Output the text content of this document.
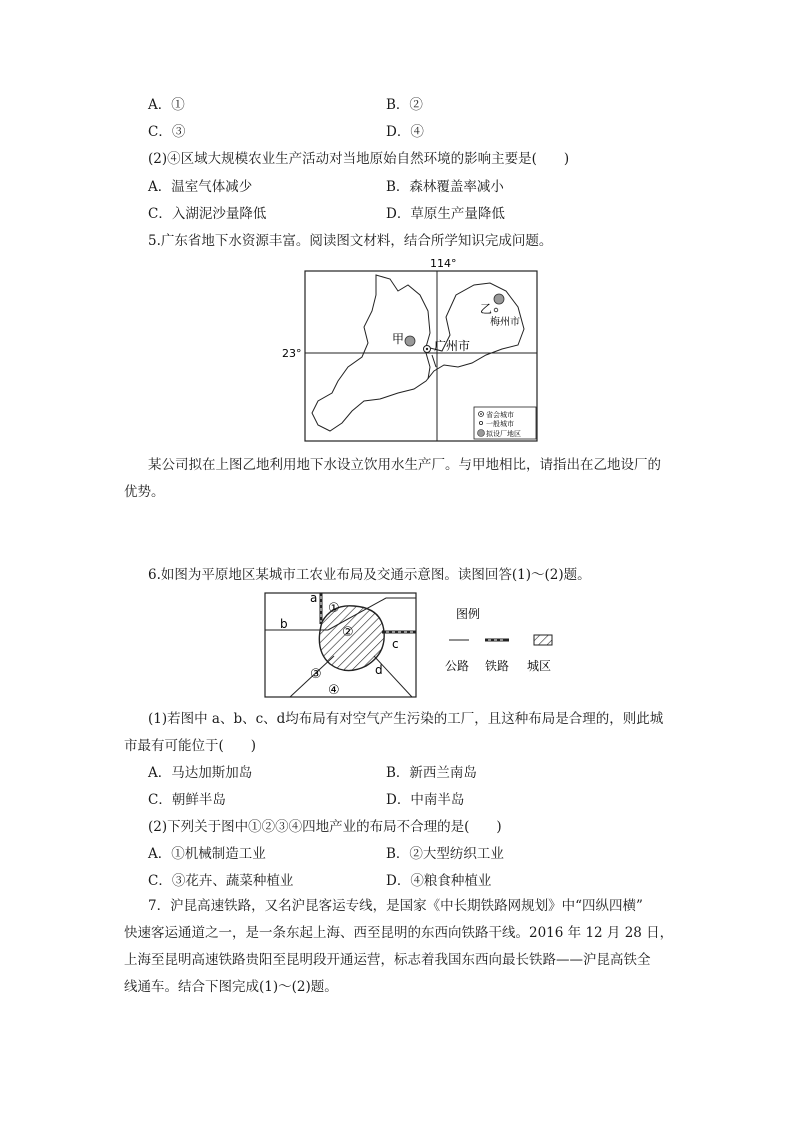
A．①	B．②
C．③	D．④
(2)④区域大规模农业生产活动对当地原始自然环境的影响主要是(　　)
A．温室气体减少	B．森林覆盖率减小
C．入湖泥沙量降低	D．草原生产量降低
5.广东省地下水资源丰富。阅读图文材料，结合所学知识完成问题。
114°
23°
甲 广州市
乙
梅州市
省会城市
一般城市
拟设厂地区
某公司拟在上图乙地利用地下水设立饮用水生产厂。与甲地相比，请指出在乙地设厂的
优势。
6.如图为平原地区某城市工农业布局及交通示意图。读图回答(1)～(2)题。
a
b
c
d
①
②
③
④
图例
公路 铁路 城区
(1)若图中 a、b、c、d均布局有对空气产生污染的工厂，且这种布局是合理的，则此城
市最有可能位于(　　)
A．马达加斯加岛	B．新西兰南岛
C．朝鲜半岛	D．中南半岛
(2)下列关于图中①②③④四地产业的布局不合理的是(　　)
A．①机械制造工业	B．②大型纺织工业
C．③花卉、蔬菜种植业	D．④粮食种植业
7．沪昆高速铁路，又名沪昆客运专线，是国家《中长期铁路网规划》中“四纵四横”
快速客运通道之一，是一条东起上海、西至昆明的东西向铁路干线。2016 年 12 月 28 日，
上海至昆明高速铁路贵阳至昆明段开通运营，标志着我国东西向最长铁路——沪昆高铁全
线通车。结合下图完成(1)～(2)题。
